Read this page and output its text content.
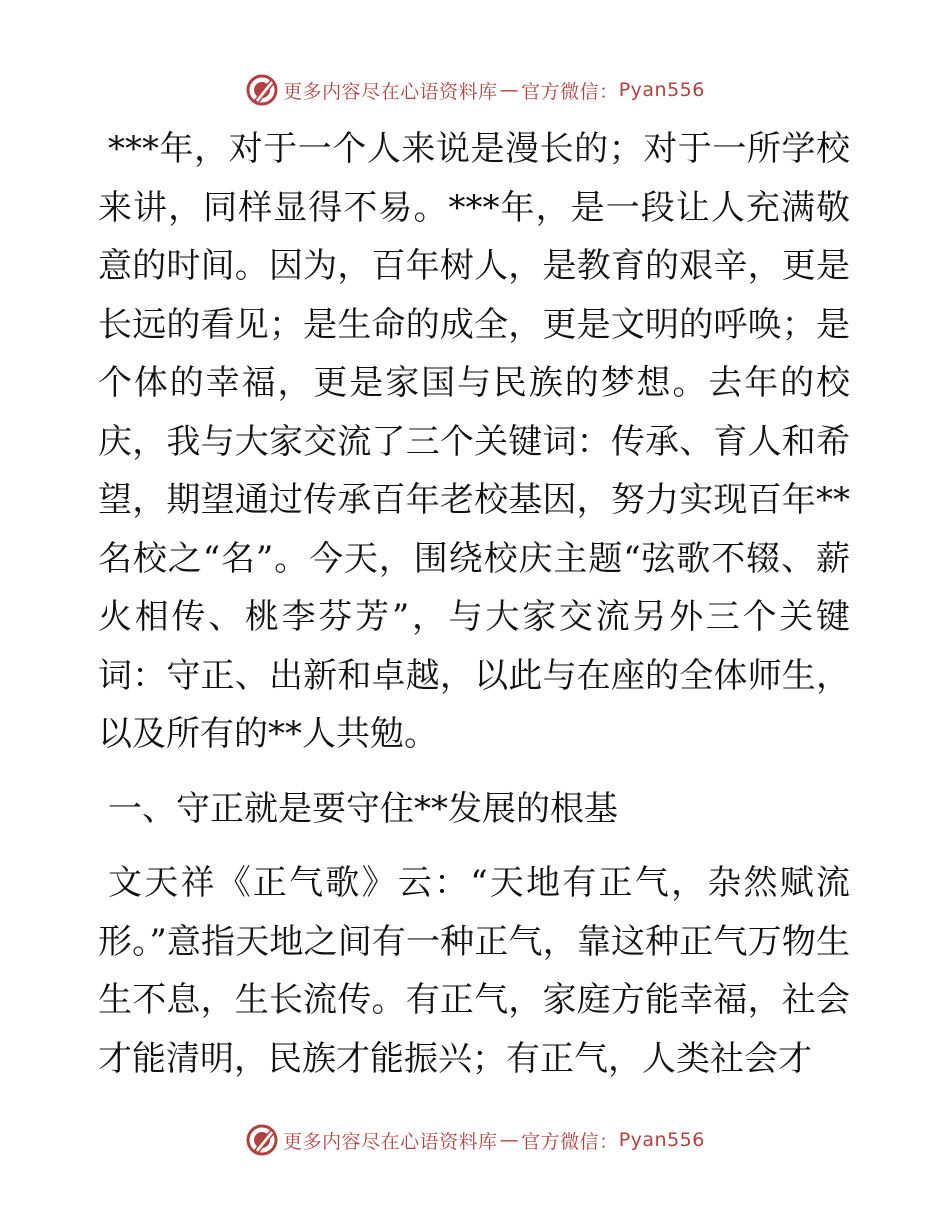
更多内容尽在心语资料库 — 官方微信： Pyan556

***年，对于一个人来说是漫长的；对于一所学校来讲，同样显得不易。***年，是一段让人充满敬意的时间。因为，百年树人，是教育的艰辛，更是长远的看见；是生命的成全，更是文明的呼唤；是个体的幸福，更是家国与民族的梦想。去年的校庆，我与大家交流了三个关键词：传承、育人和希望，期望通过传承百年老校基因，努力实现百年**名校之“名”。今天，围绕校庆主题“弦歌不辍、薪火相传、桃李芬芳”，与大家交流另外三个关键词：守正、出新和卓越，以此与在座的全体师生，以及所有的**人共勉。

一、守正就是要守住**发展的根基

文天祥《正气歌》云：“天地有正气，杂然赋流形。”意指天地之间有一种正气，靠这种正气万物生生不息，生长流传。有正气，家庭方能幸福，社会才能清明，民族才能振兴；有正气，人类社会才

更多内容尽在心语资料库 — 官方微信： Pyan556
